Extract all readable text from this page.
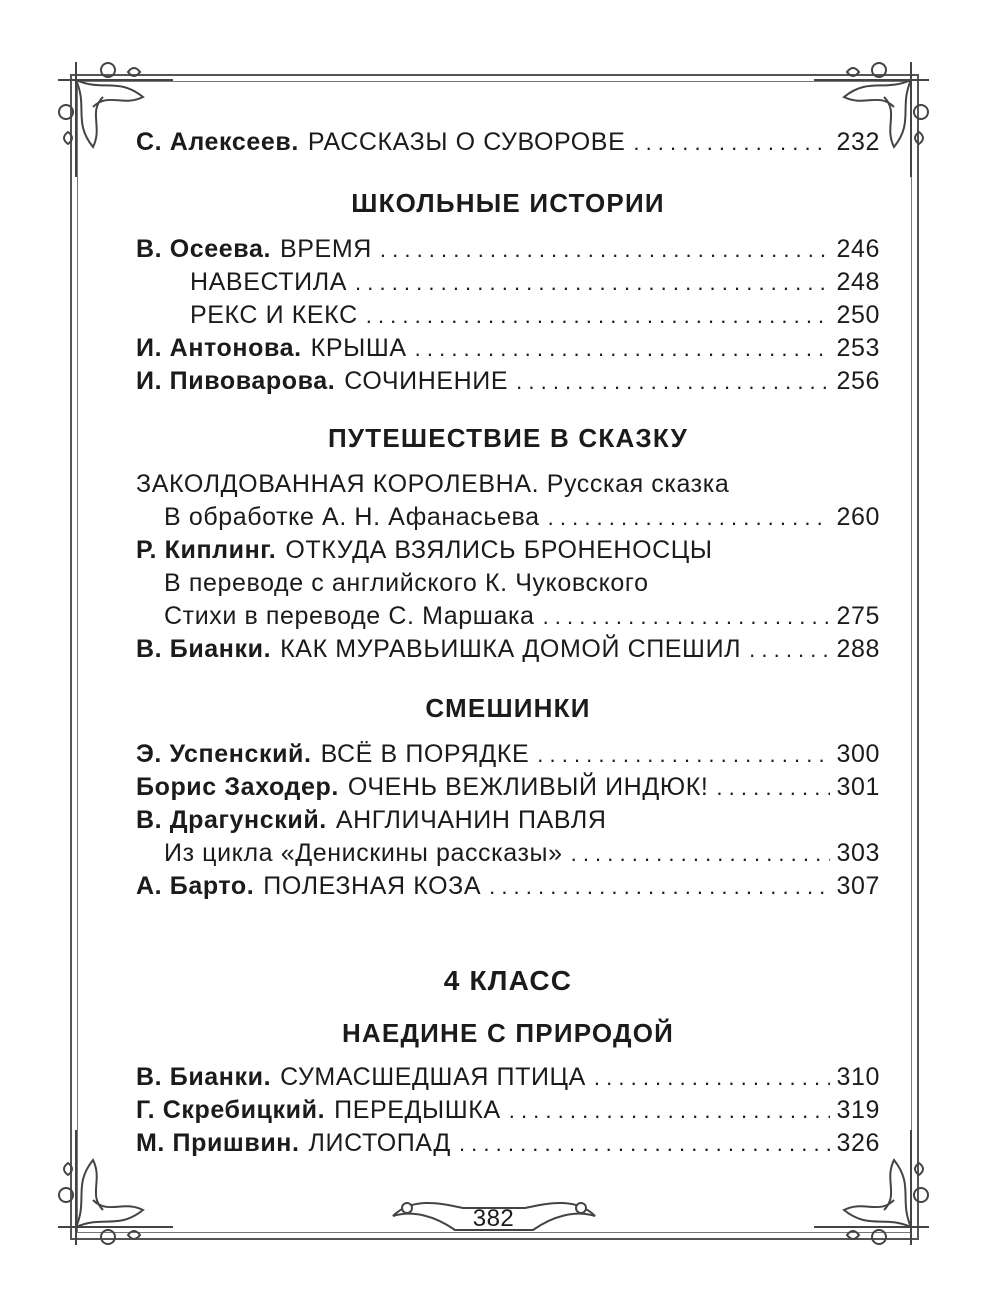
С. Алексеев. РАССКАЗЫ О СУВОРОВЕ . . .	232
ШКОЛЬНЫЕ ИСТОРИИ
В. Осеева. ВРЕМЯ . . .	246
НАВЕСТИЛА . . .	248
РЕКС И КЕКС . . .	250
И. Антонова. КРЫША . . .	253
И. Пивоварова. СОЧИНЕНИЕ . . .	256
ПУТЕШЕСТВИЕ В СКАЗКУ
ЗАКОЛДОВАННАЯ КОРОЛЕВНА. Русская сказка
В обработке А. Н. Афанасьева . . .	260
Р. Киплинг. ОТКУДА ВЗЯЛИСЬ БРОНЕНОСЦЫ
В переводе с английского К. Чуковского
Стихи в переводе С. Маршака . . .	275
В. Бианки. КАК МУРАВЬИШКА ДОМОЙ СПЕШИЛ . . .	288
СМЕШИНКИ
Э. Успенский. ВСЁ В ПОРЯДКЕ . . .	300
Борис Заходер. ОЧЕНЬ ВЕЖЛИВЫЙ ИНДЮК! . . .	301
В. Драгунский. АНГЛИЧАНИН ПАВЛЯ
Из цикла «Денискины рассказы» . . .	303
А. Барто. ПОЛЕЗНАЯ КОЗА . . .	307
4 КЛАСС
НАЕДИНЕ С ПРИРОДОЙ
В. Бианки. СУМАСШЕДШАЯ ПТИЦА . . .	310
Г. Скребицкий. ПЕРЕДЫШКА . . .	319
М. Пришвин. ЛИСТОПАД . . .	326
382
